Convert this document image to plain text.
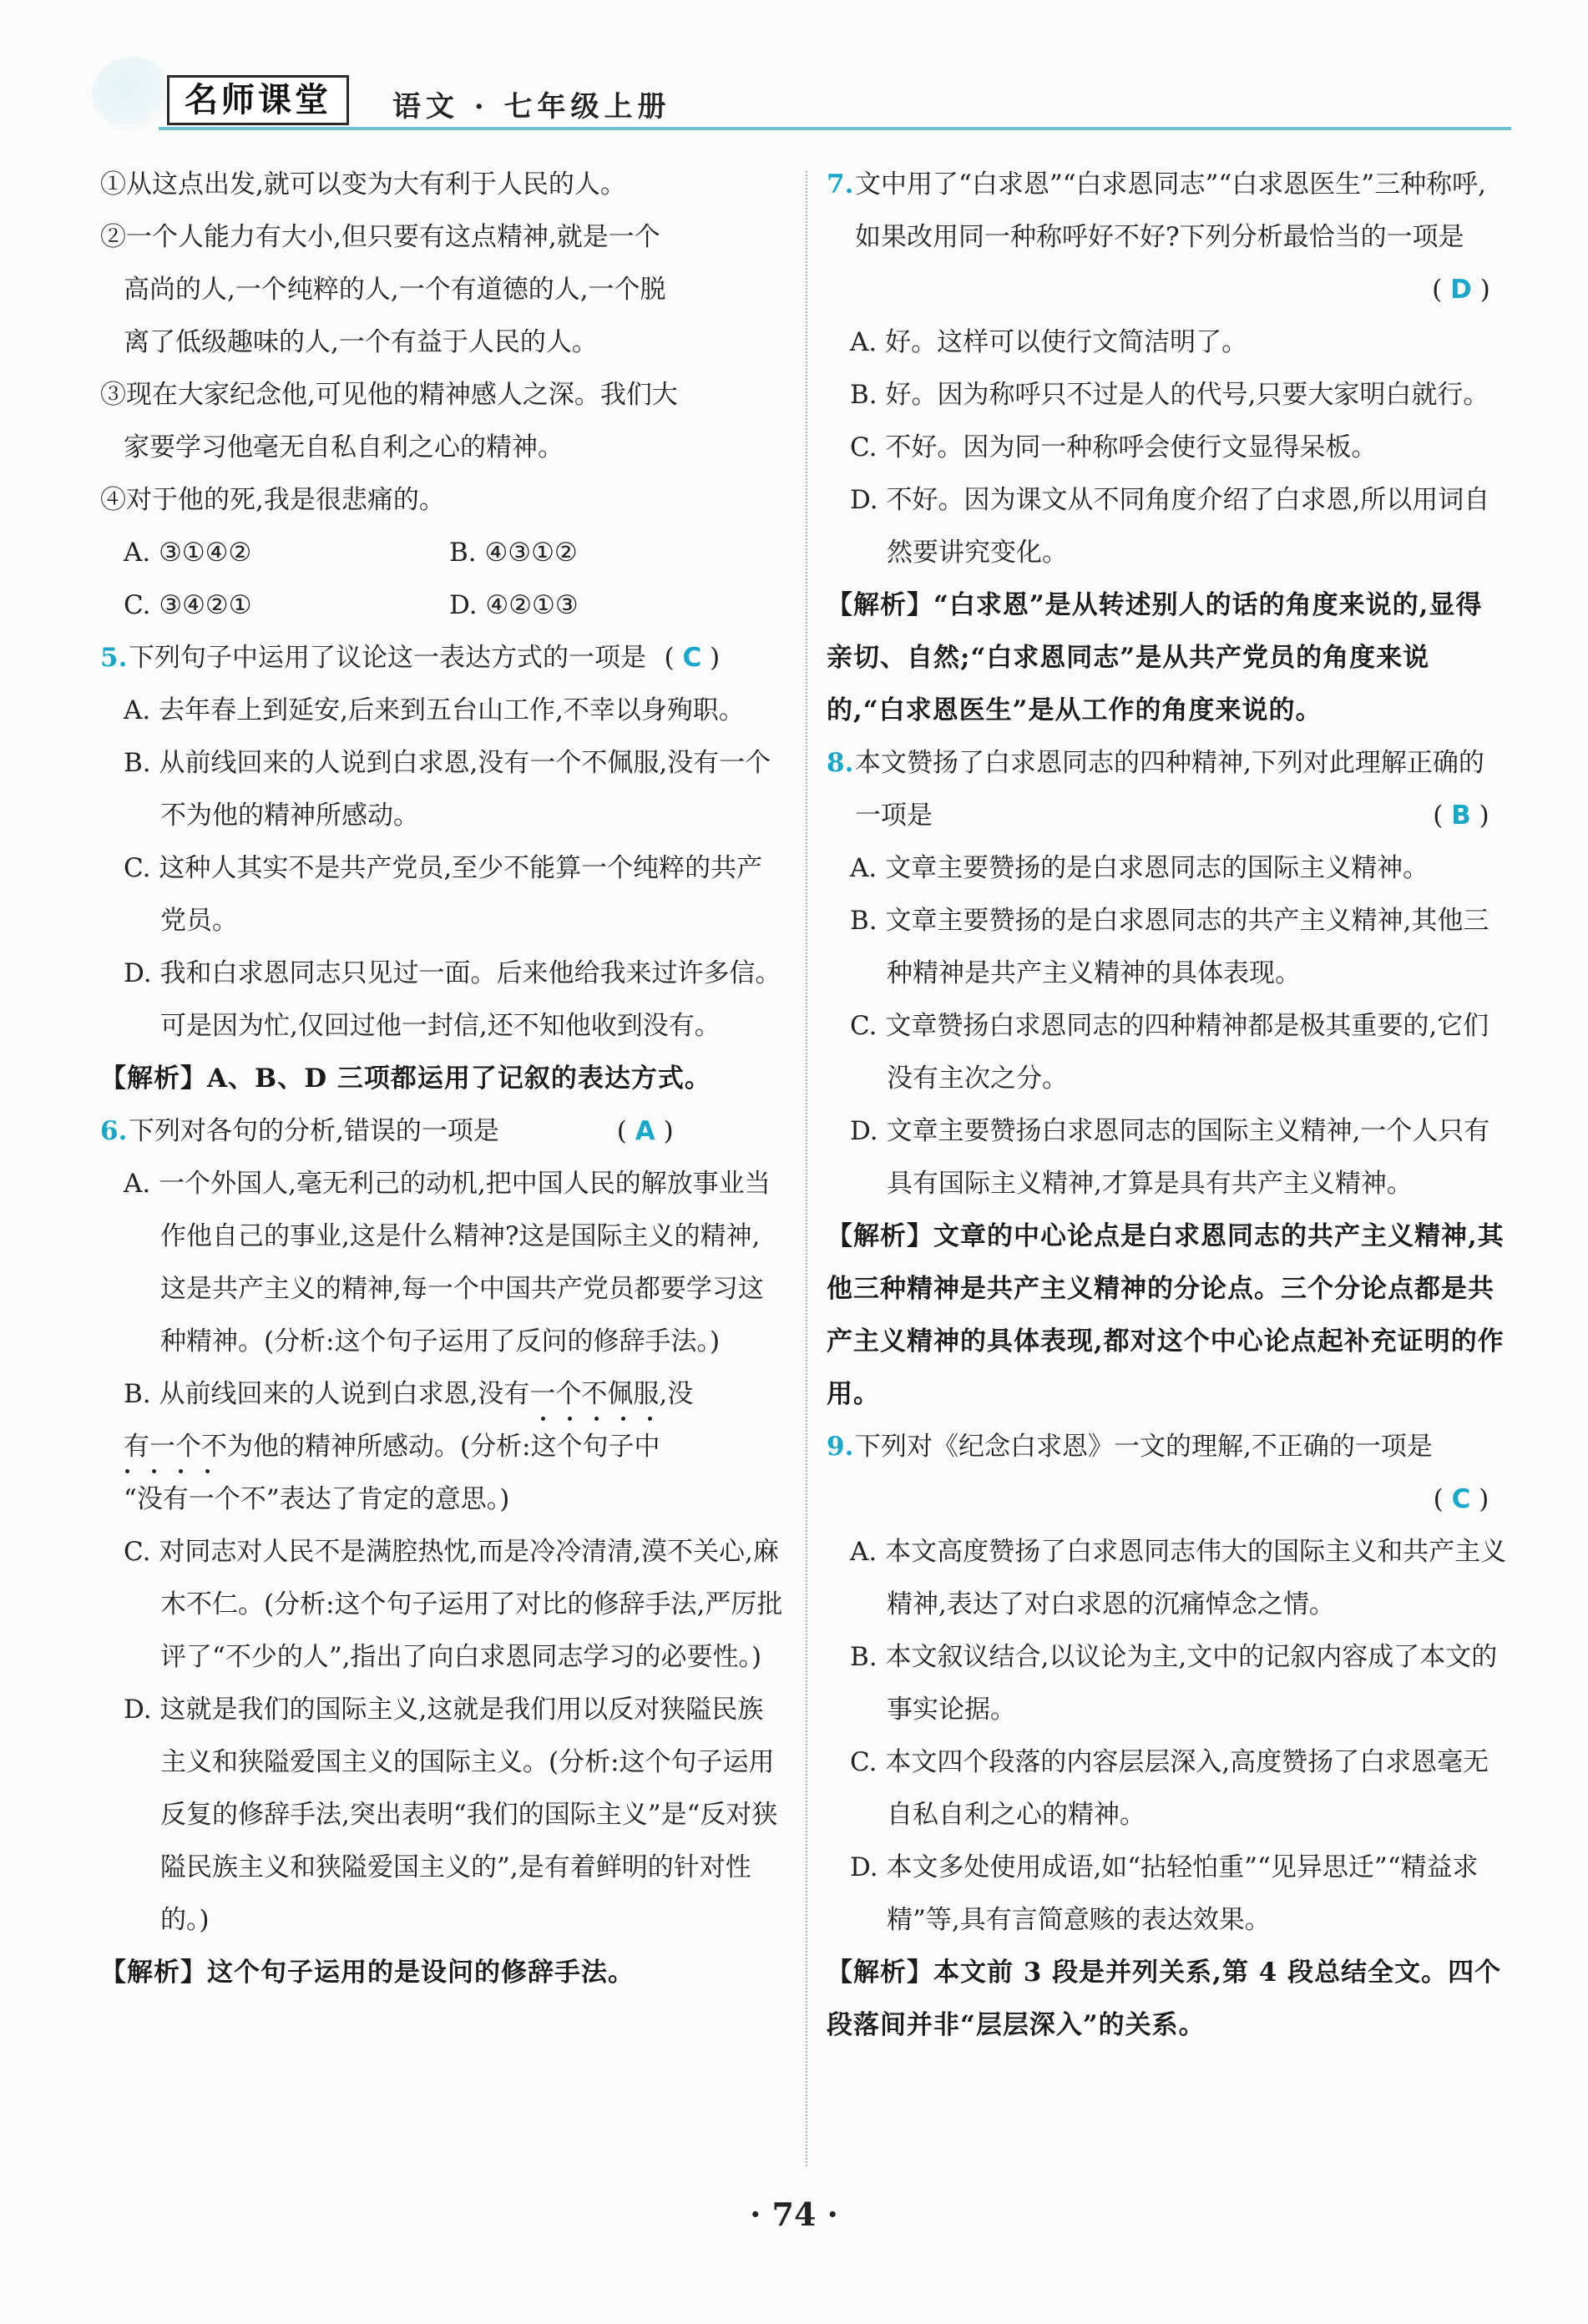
名师课堂	语文 · 七年级上册

①从这点出发,就可以变为大有利于人民的人。

②一个人能力有大小,但只要有这点精神,就是一个

高尚的人,一个纯粹的人,一个有道德的人,一个脱

离了低级趣味的人,一个有益于人民的人。

③现在大家纪念他,可见他的精神感人之深。我们大

家要学习他毫无自私自利之心的精神。

④对于他的死,我是很悲痛的。

A. ③①④②	B. ④③①②
C. ③④②①	D. ④②①③
5. 下列句子中运用了议论这一表达方式的一项是 ( C )

A. 去年春上到延安,后来到五台山工作,不幸以身殉职。

B. 从前线回来的人说到白求恩,没有一个不佩服,没有一个不为他的精神所感动。

C. 这种人其实不是共产党员,至少不能算一个纯粹的共产党员。

D. 我和白求恩同志只见过一面。后来他给我来过许多信。可是因为忙,仅回过他一封信,还不知他收到没有。

【解析】A、B、D 三项都运用了记叙的表达方式。

6. 下列对各句的分析,错误的一项是	( A )

A. 一个外国人,毫无利己的动机,把中国人民的解放事业当作他自己的事业,这是什么精神?这是国际主义的精神,这是共产主义的精神,每一个中国共产党员都要学习这种精神。(分析:这个句子运用了反问的修辞手法。)

B. 从前线回来的人说到白求恩,没有一个不佩服,没

有一个不为他的精神所感动。(分析:这个句子中

“没有一个不”表达了肯定的意思。)

C. 对同志对人民不是满腔热忱,而是冷冷清清,漠不关心,麻木不仁。(分析:这个句子运用了对比的修辞手法,严厉批评了“不少的人”,指出了向白求恩同志学习的必要性。)

D. 这就是我们的国际主义,这就是我们用以反对狭隘民族主义和狭隘爱国主义的国际主义。(分析:这个句子运用反复的修辞手法,突出表明“我们的国际主义”是“反对狭隘民族主义和狭隘爱国主义的”,是有着鲜明的针对性的。)

【解析】这个句子运用的是设问的修辞手法。

7. 文中用了“白求恩”“白求恩同志”“白求恩医生”三种称呼,如果改用同一种称呼好不好?下列分析最恰当的一项是
( D )

A. 好。这样可以使行文简洁明了。

B. 好。因为称呼只不过是人的代号,只要大家明白就行。

C. 不好。因为同一种称呼会使行文显得呆板。

D. 不好。因为课文从不同角度介绍了白求恩,所以用词自然要讲究变化。

【解析】“白求恩”是从转述别人的话的角度来说的,显得亲切、自然;“白求恩同志”是从共产党员的角度来说的,“白求恩医生”是从工作的角度来说的。

8. 本文赞扬了白求恩同志的四种精神,下列对此理解正确的一项是	( B )

A. 文章主要赞扬的是白求恩同志的国际主义精神。

B. 文章主要赞扬的是白求恩同志的共产主义精神,其他三种精神是共产主义精神的具体表现。

C. 文章赞扬白求恩同志的四种精神都是极其重要的,它们没有主次之分。

D. 文章主要赞扬白求恩同志的国际主义精神,一个人只有具有国际主义精神,才算是具有共产主义精神。

【解析】文章的中心论点是白求恩同志的共产主义精神,其他三种精神是共产主义精神的分论点。三个分论点都是共产主义精神的具体表现,都对这个中心论点起补充证明的作用。

9. 下列对《纪念白求恩》一文的理解,不正确的一项是
( C )

A. 本文高度赞扬了白求恩同志伟大的国际主义和共产主义精神,表达了对白求恩的沉痛悼念之情。

B. 本文叙议结合,以议论为主,文中的记叙内容成了本文的事实论据。

C. 本文四个段落的内容层层深入,高度赞扬了白求恩毫无自私自利之心的精神。

D. 本文多处使用成语,如“拈轻怕重”“见异思迁”“精益求精”等,具有言简意赅的表达效果。

【解析】本文前 3 段是并列关系,第 4 段总结全文。四个段落间并非“层层深入”的关系。

· 74 ·
